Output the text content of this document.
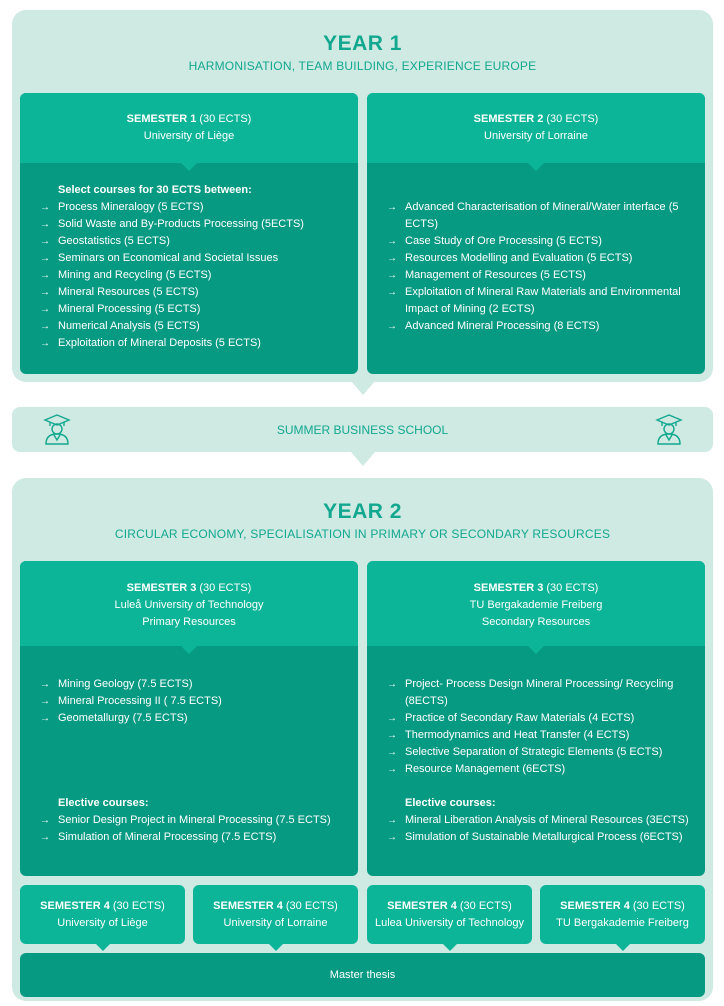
YEAR 1
HARMONISATION, TEAM BUILDING, EXPERIENCE EUROPE
SEMESTER 1 (30 ECTS)
University of Liège
Select courses for 30 ECTS between:
→ Process Mineralogy (5 ECTS)
→ Solid Waste and By-Products Processing (5ECTS)
→ Geostatistics (5 ECTS)
→ Seminars on Economical and Societal Issues
→ Mining and Recycling (5 ECTS)
→ Mineral Resources (5 ECTS)
→ Mineral Processing (5 ECTS)
→ Numerical Analysis (5 ECTS)
→ Exploitation of Mineral Deposits (5 ECTS)
SEMESTER 2 (30 ECTS)
University of Lorraine
→ Advanced Characterisation of Mineral/Water interface (5 ECTS)
→ Case Study of Ore Processing (5 ECTS)
→ Resources Modelling and Evaluation (5 ECTS)
→ Management of Resources (5 ECTS)
→ Exploitation of Mineral Raw Materials and Environmental Impact of Mining (2 ECTS)
→ Advanced Mineral Processing (8 ECTS)
SUMMER BUSINESS SCHOOL
YEAR 2
CIRCULAR ECONOMY, SPECIALISATION IN PRIMARY OR SECONDARY RESOURCES
SEMESTER 3 (30 ECTS)
Luleå University of Technology
Primary Resources
→ Mining Geology (7.5 ECTS)
→ Mineral Processing II ( 7.5 ECTS)
→ Geometallurgy (7.5 ECTS)
Elective courses:
→ Senior Design Project in Mineral Processing (7.5 ECTS)
→ Simulation of Mineral Processing (7.5 ECTS)
SEMESTER 3 (30 ECTS)
TU Bergakademie Freiberg
Secondary Resources
→ Project- Process Design Mineral Processing/ Recycling (8ECTS)
→ Practice of Secondary Raw Materials (4 ECTS)
→ Thermodynamics and Heat Transfer (4 ECTS)
→ Selective Separation of Strategic Elements (5 ECTS)
→ Resource Management (6ECTS)
Elective courses:
→ Mineral Liberation Analysis of Mineral Resources (3ECTS)
→ Simulation of Sustainable Metallurgical Process (6ECTS)
SEMESTER 4 (30 ECTS)
University of Liège
SEMESTER 4 (30 ECTS)
University of Lorraine
SEMESTER 4 (30 ECTS)
Lulea University of Technology
SEMESTER 4 (30 ECTS)
TU Bergakademie Freiberg
Master thesis
